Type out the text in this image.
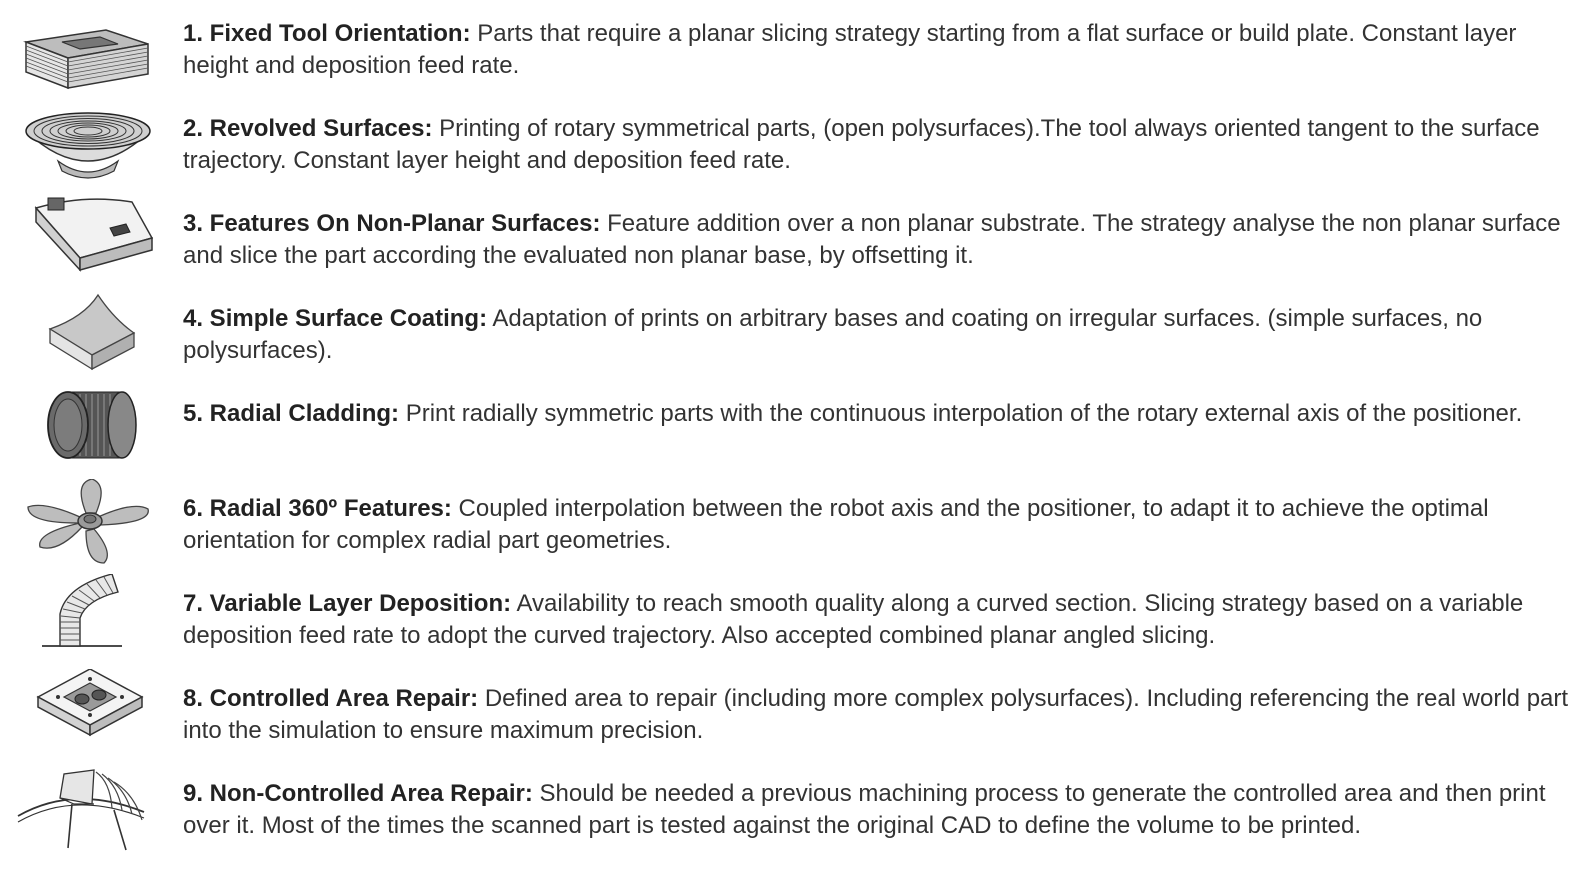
1. Fixed Tool Orientation: Parts that require a planar slicing strategy starting from a flat surface or build plate. Constant layer height and deposition feed rate.
2. Revolved Surfaces: Printing of rotary symmetrical parts, (open polysurfaces).The tool always oriented tangent to the surface trajectory. Constant layer height and deposition feed rate.
3. Features On Non-Planar Surfaces: Feature addition over a non planar substrate. The strategy analyse the non planar surface and slice the part according the evaluated non planar base, by offsetting it.
4. Simple Surface Coating: Adaptation of prints on arbitrary bases and coating on irregular surfaces. (simple surfaces, no polysurfaces).
5. Radial Cladding: Print radially symmetric parts with the continuous interpolation of the rotary external axis of the positioner.
6. Radial 360º Features: Coupled interpolation between the robot axis and the positioner, to adapt it to achieve the optimal orientation for complex radial part geometries.
7. Variable Layer Deposition: Availability to reach smooth quality along a curved section. Slicing strategy based on a variable deposition feed rate to adopt the curved trajectory. Also accepted combined planar angled slicing.
8. Controlled Area Repair: Defined area to repair (including more complex polysurfaces). Including referencing the real world part into the simulation to ensure maximum precision.
9. Non-Controlled Area Repair: Should be needed a previous machining process to generate the controlled area and then print over it. Most of the times the scanned part is tested against the original CAD to define the volume to be printed.
